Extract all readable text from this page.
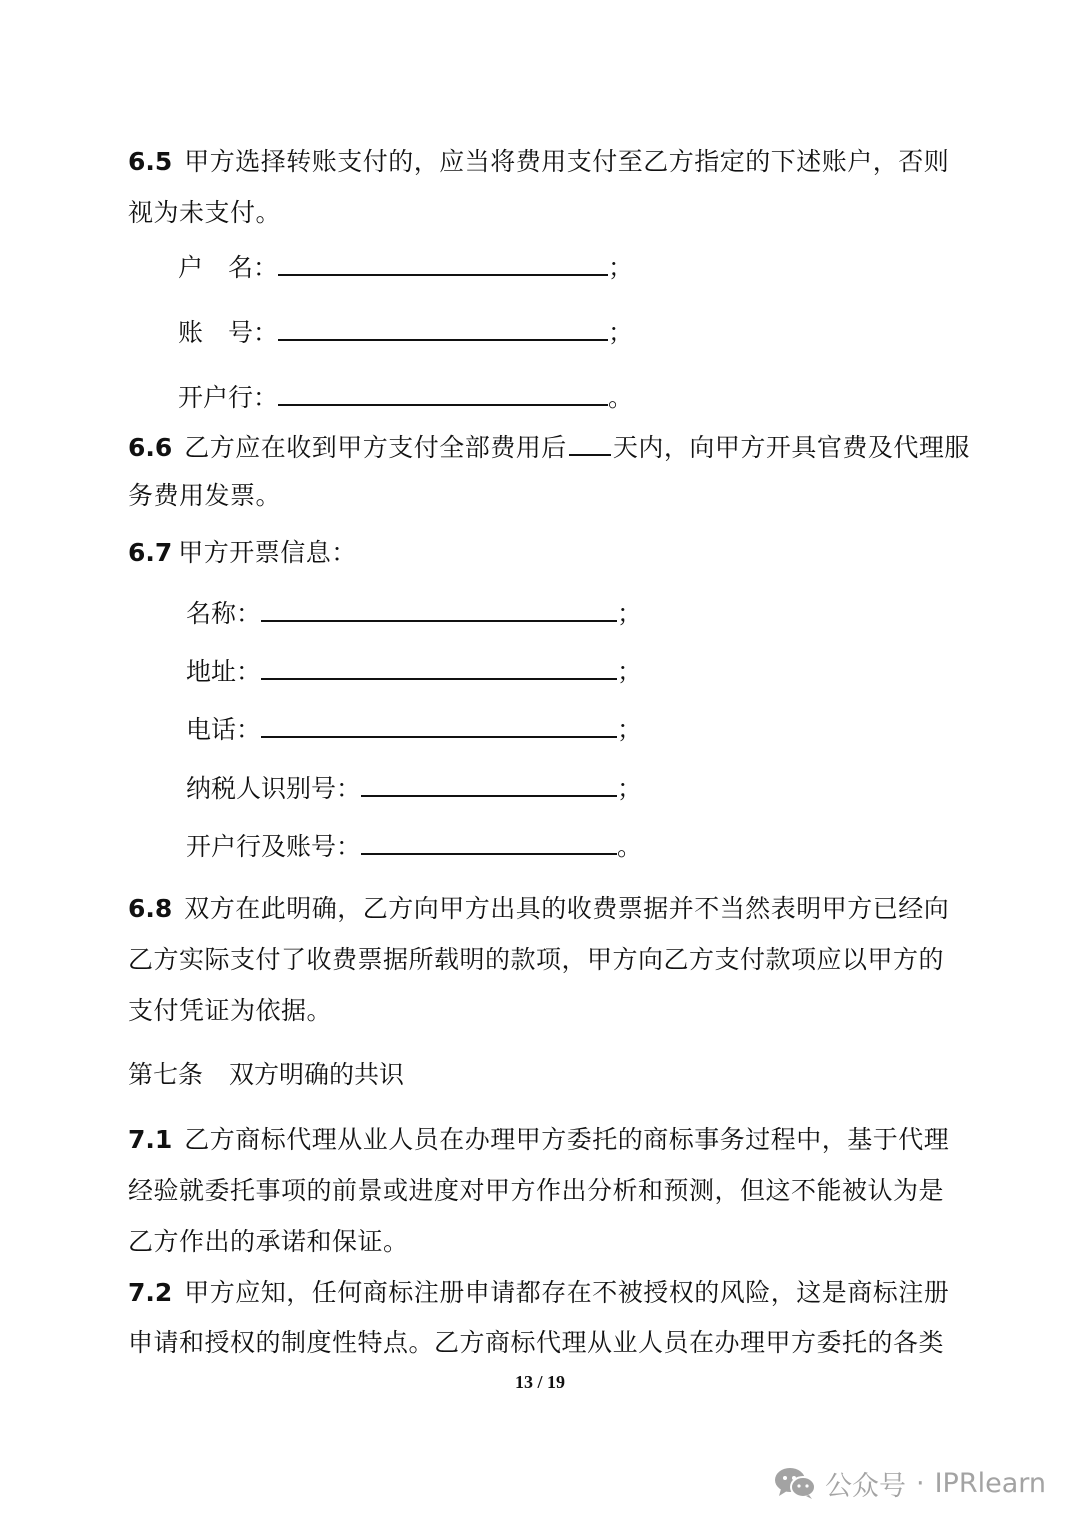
6.5 甲方选择转账支付的，应当将费用支付至乙方指定的下述账户，否则
视为未支付。
户　名：	；
账　号：	；
开户行：	。
6.6 乙方应在收到甲方支付全部费用后 天内，向甲方开具官费及代理服
务费用发票。
6.7 甲方开票信息：
名称：	；
地址：	；
电话：	；
纳税人识别号：	；
开户行及账号：	。
6.8 双方在此明确，乙方向甲方出具的收费票据并不当然表明甲方已经向
乙方实际支付了收费票据所载明的款项，甲方向乙方支付款项应以甲方的
支付凭证为依据。
第七条 双方明确的共识
7.1 乙方商标代理从业人员在办理甲方委托的商标事务过程中，基于代理
经验就委托事项的前景或进度对甲方作出分析和预测，但这不能被认为是
乙方作出的承诺和保证。
7.2 甲方应知，任何商标注册申请都存在不被授权的风险，这是商标注册
申请和授权的制度性特点。乙方商标代理从业人员在办理甲方委托的各类
13 / 19
公众号 · IPRlearn
